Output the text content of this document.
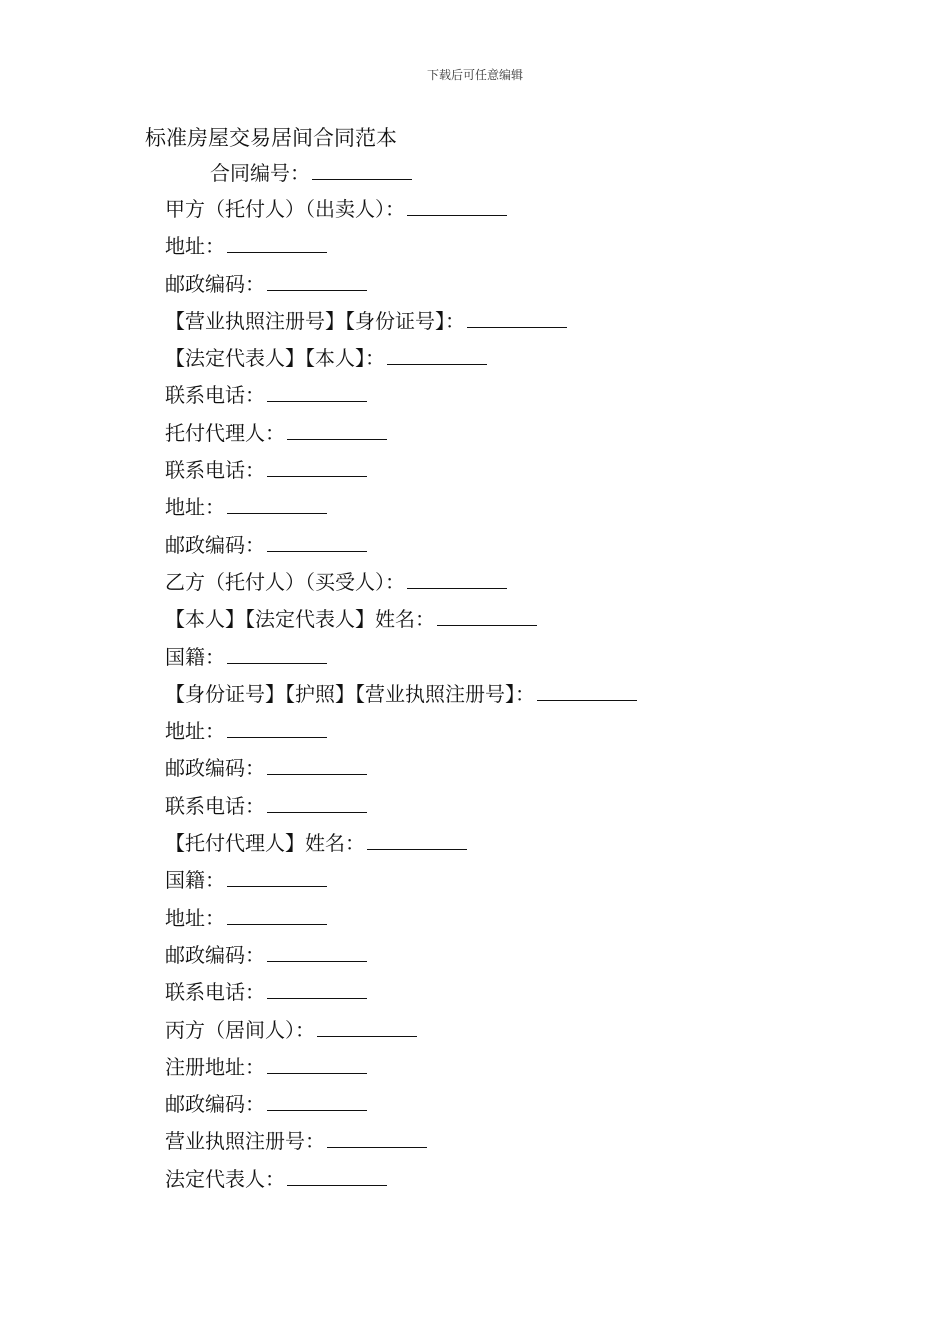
下载后可任意编辑
标准房屋交易居间合同范本
合同编号：
甲方（托付人）（出卖人）：
地址：
邮政编码：
【营业执照注册号】【身份证号】：
【法定代表人】【本人】：
联系电话：
托付代理人：
联系电话：
地址：
邮政编码：
乙方（托付人）（买受人）：
【本人】【法定代表人】姓名：
国籍：
【身份证号】【护照】【营业执照注册号】：
地址：
邮政编码：
联系电话：
【托付代理人】姓名：
国籍：
地址：
邮政编码：
联系电话：
丙方（居间人）：
注册地址：
邮政编码：
营业执照注册号：
法定代表人：
